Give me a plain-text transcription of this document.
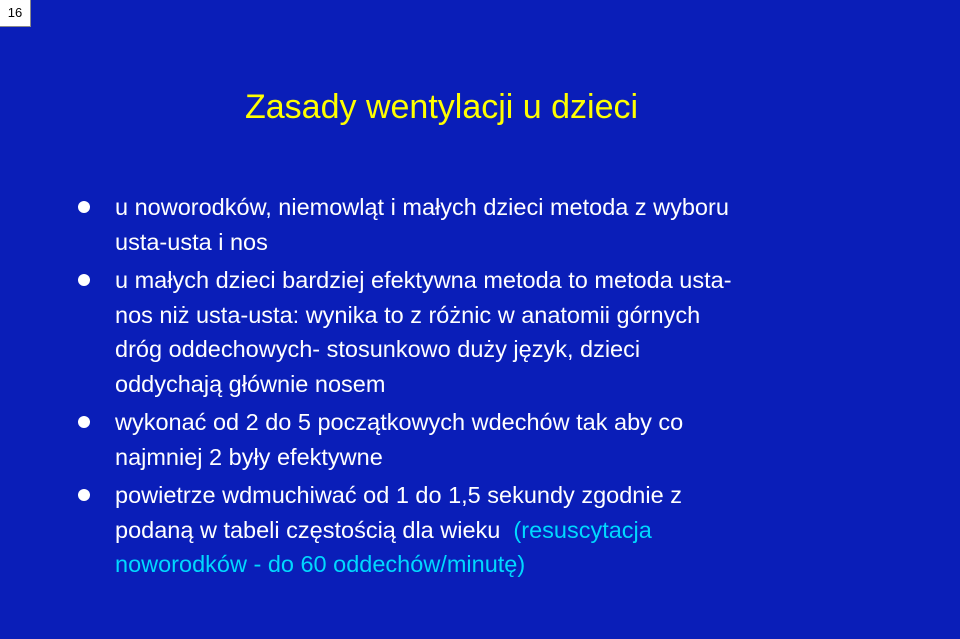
16
Zasady wentylacji u dzieci
u noworodków, niemowląt i małych dzieci metoda z wyboru
usta-usta i nos
u małych dzieci bardziej efektywna metoda to metoda usta-
nos niż usta-usta: wynika to z różnic w anatomii górnych
dróg oddechowych- stosunkowo duży język, dzieci
oddychają głównie nosem
wykonać od 2 do 5 początkowych wdechów tak aby co
najmniej 2 były efektywne
powietrze wdmuchiwać od 1 do 1,5 sekundy zgodnie z
podaną w tabeli częstością dla wieku  (resuscytacja
noworodków - do 60 oddechów/minutę)
